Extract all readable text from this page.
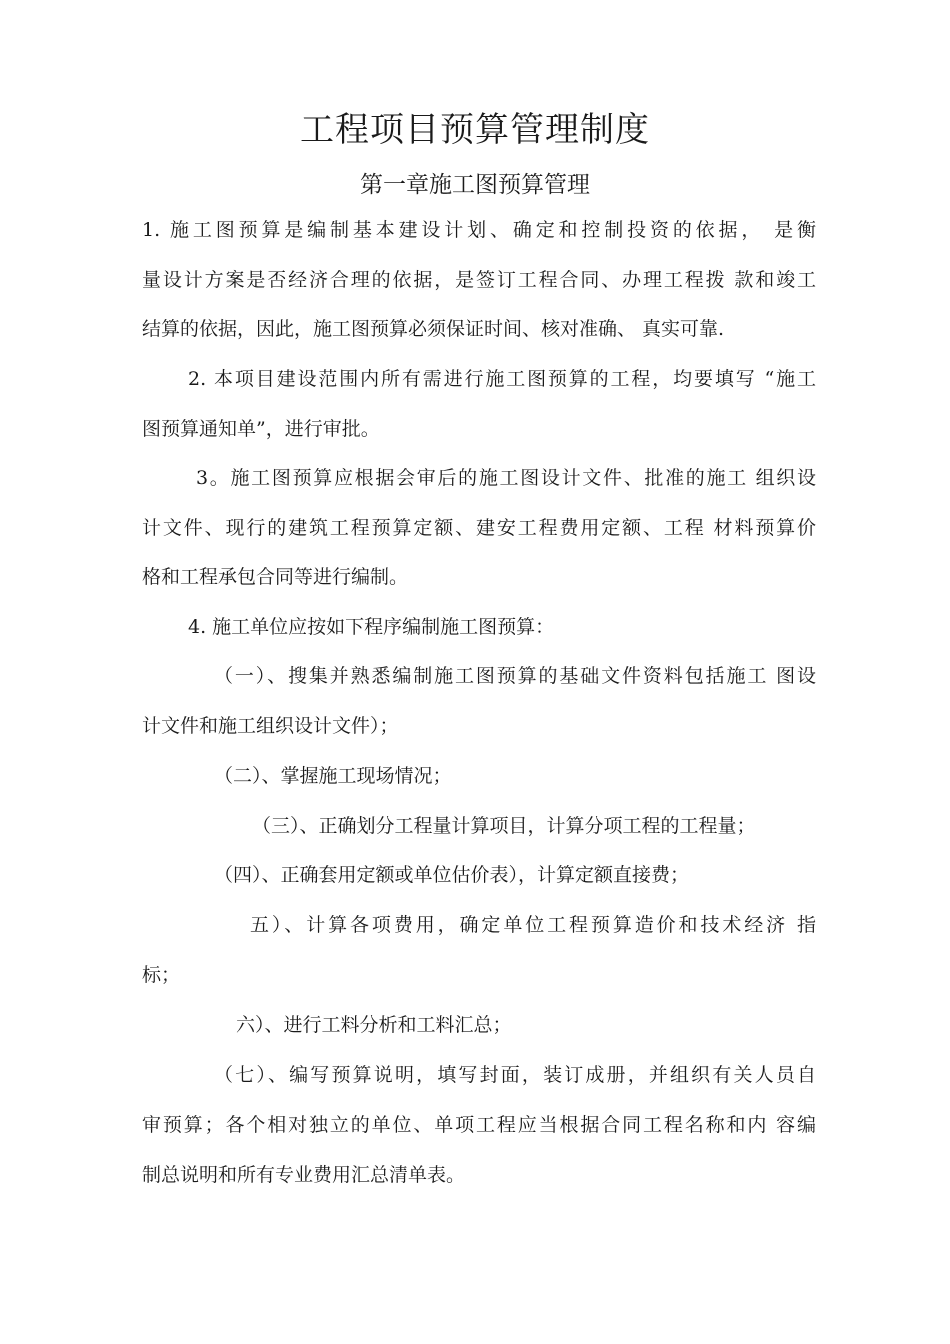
工程项目预算管理制度
第一章施工图预算管理
1. 施工图预算是编制基本建设计划、确定和控制投资的依据， 是衡
量设计方案是否经济合理的依据，是签订工程合同、办理工程拨 款和竣工
结算的依据，因此，施工图预算必须保证时间、核对准确、 真实可靠.
2. 本项目建设范围内所有需进行施工图预算的工程，均要填写 “施工
图预算通知单”，进行审批。
3。施工图预算应根据会审后的施工图设计文件、批准的施工 组织设
计文件、现行的建筑工程预算定额、建安工程费用定额、工程 材料预算价
格和工程承包合同等进行编制。
4. 施工单位应按如下程序编制施工图预算：
（一）、搜集并熟悉编制施工图预算的基础文件资料包括施工 图设
计文件和施工组织设计文件）；
（二）、掌握施工现场情况；
（三）、正确划分工程量计算项目，计算分项工程的工程量；
（四）、正确套用定额或单位估价表），计算定额直接费；
五）、计算各项费用，确定单位工程预算造价和技术经济 指
标；
六）、进行工料分析和工料汇总；
（七）、编写预算说明，填写封面，装订成册，并组织有关人员自
审预算；各个相对独立的单位、单项工程应当根据合同工程名称和内 容编
制总说明和所有专业费用汇总清单表。
